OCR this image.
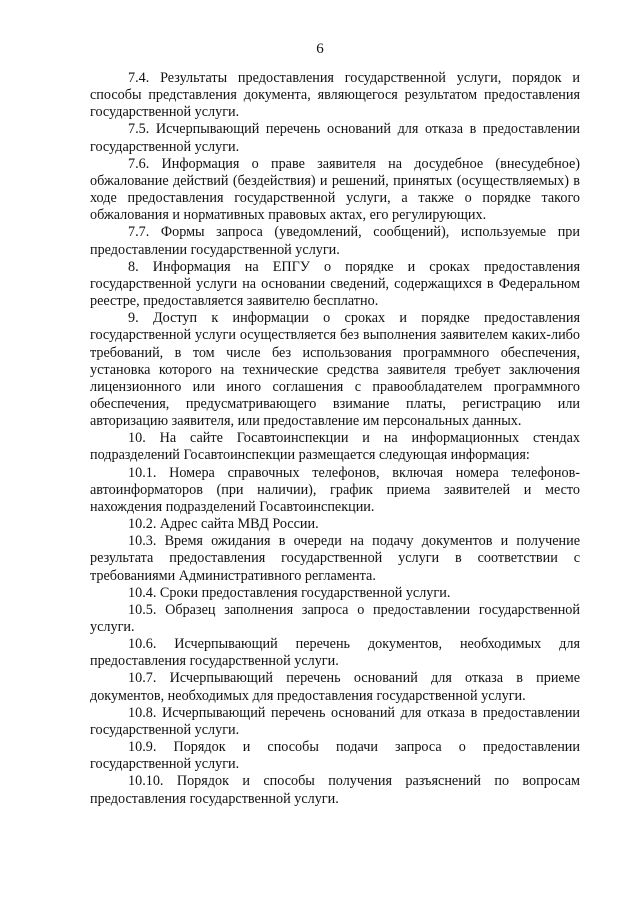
6

7.4. Результаты предоставления государственной услуги, порядок и способы представления документа, являющегося результатом предоставления государственной услуги.

7.5. Исчерпывающий перечень оснований для отказа в предоставлении государственной услуги.

7.6. Информация о праве заявителя на досудебное (внесудебное) обжалование действий (бездействия) и решений, принятых (осуществляемых) в ходе предоставления государственной услуги, а также о порядке такого обжалования и нормативных правовых актах, его регулирующих.

7.7. Формы запроса (уведомлений, сообщений), используемые при предоставлении государственной услуги.

8. Информация на ЕПГУ о порядке и сроках предоставления государственной услуги на основании сведений, содержащихся в Федеральном реестре, предоставляется заявителю бесплатно.

9. Доступ к информации о сроках и порядке предоставления государственной услуги осуществляется без выполнения заявителем каких-либо требований, в том числе без использования программного обеспечения, установка которого на технические средства заявителя требует заключения лицензионного или иного соглашения с правообладателем программного обеспечения, предусматривающего взимание платы, регистрацию или авторизацию заявителя, или предоставление им персональных данных.

10. На сайте Госавтоинспекции и на информационных стендах подразделений Госавтоинспекции размещается следующая информация:

10.1. Номера справочных телефонов, включая номера телефонов-автоинформаторов (при наличии), график приема заявителей и место нахождения подразделений Госавтоинспекции.

10.2. Адрес сайта МВД России.

10.3. Время ожидания в очереди на подачу документов и получение результата предоставления государственной услуги в соответствии с требованиями Административного регламента.

10.4. Сроки предоставления государственной услуги.

10.5. Образец заполнения запроса о предоставлении государственной услуги.

10.6. Исчерпывающий перечень документов, необходимых для предоставления государственной услуги.

10.7. Исчерпывающий перечень оснований для отказа в приеме документов, необходимых для предоставления государственной услуги.

10.8. Исчерпывающий перечень оснований для отказа в предоставлении государственной услуги.

10.9. Порядок и способы подачи запроса о предоставлении государственной услуги.

10.10. Порядок и способы получения разъяснений по вопросам предоставления государственной услуги.
